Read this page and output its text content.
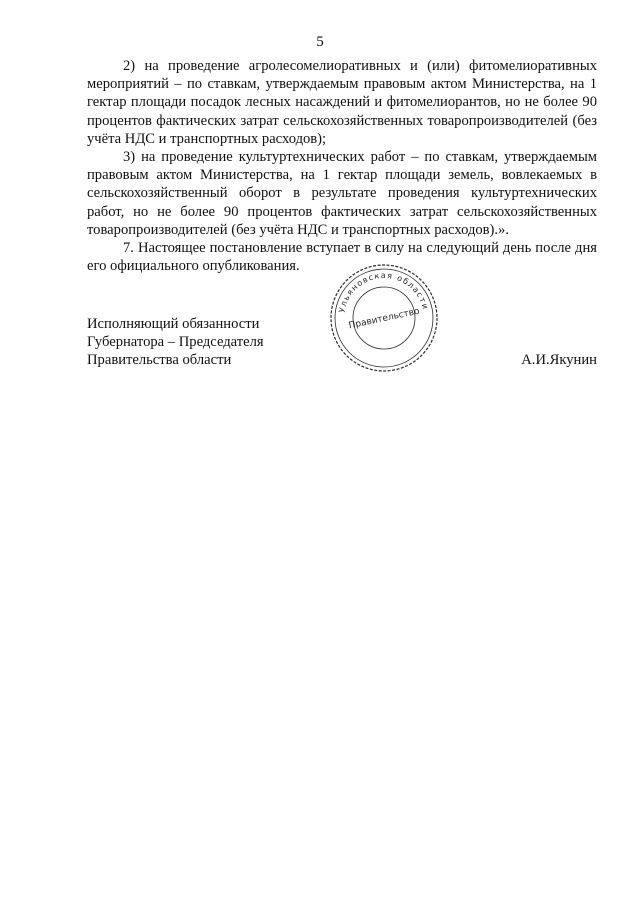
5

2) на проведение агролесомелиоративных и (или) фитомелиоративных мероприятий – по ставкам, утверждаемым правовым актом Министерства, на 1 гектар площади посадок лесных насаждений и фитомелиорантов, но не более 90 процентов фактических затрат сельскохозяйственных товаропроизводителей (без учёта НДС и транспортных расходов);

3) на проведение культуртехнических работ – по ставкам, утверждаемым правовым актом Министерства, на 1 гектар площади земель, вовлекаемых в сельскохозяйственный оборот в результате проведения культуртехнических работ, но не более 90 процентов фактических затрат сельскохозяйственных товаропроизводителей (без учёта НДС и транспортных расходов).».

7. Настоящее постановление вступает в силу на следующий день после дня его официального опубликования.

Ульяновская области
Правительство
Исполняющий обязанности
Губернатора – Председателя
Правительства области	А.И.Якунин
